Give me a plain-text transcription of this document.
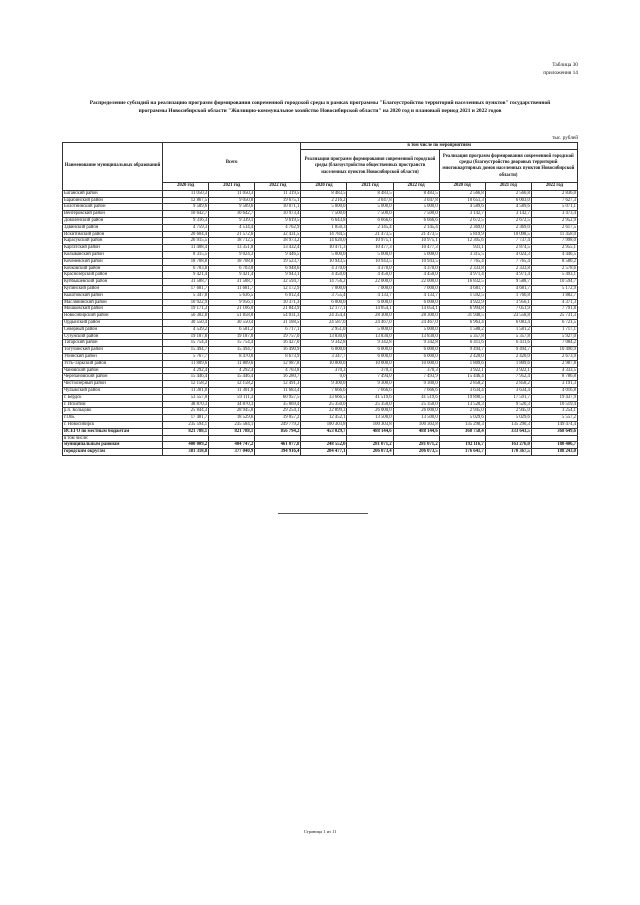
Таблица 30
приложения 14
Распределение субсидий на реализацию программ формирования современной городской среды в рамках программы "Благоустройство территорий населенных пунктов" государственной
программы Новосибирской области "Жилищно-коммунальное хозяйство Новосибирской области" на 2020 год и плановый период 2021 и 2022 годов
тыс. рублей
Наименование муниципальных образований	Всего			в том числе по мероприятиям					
				Реализация программ формирования современной городской среды (благоустройство общественных пространств населенных пунктов Новосибирской области)			Реализация программ формирования современной городской среды (благоустройство дворовых территорий многоквартирных домов населенных пунктов Новосибирской области)		
	2020 год	2021 год	2022 год	2020 год	2021 год	2022 год	2020 год	2021 год	2022 год
Баганский район	11 050,3	11 050,3	11 319,5	8 483,5	8 483,5	8 483,5	2 566,8	2 566,8	2 836,0
Барабинский район	12 867,5	9 050,8	19 675,1	2 216,2	3 047,8	3 047,8	10 651,3	6 003,0	7 627,3
Болотнинский район	9 589,6	9 589,6	10 071,1	5 000,0	5 000,0	5 000,0	4 589,6	4 589,6	5 071,1
Венгеровский район	10 642,7	10 642,7	10 973,4	7 500,0	7 500,0	7 500,0	3 142,7	3 142,7	3 473,4
Доволенский район	9 316,3	9 339,1	9 619,5	6 643,8	6 666,6	6 666,6	2 672,5	2 672,5	2 952,9
Здвинский район	4 759,3	4 514,4	4 762,9	1 850,3	2 145,4	2 145,4	2 369,0	2 369,0	2 617,5
Искитимский район	20 604,4	21 572,6	32 431,5	14 784,5	21 473,5	21 473,5	5 819,9	10 098,5	11 458,0
Карасукский район	26 915,5	18 712,5	18 973,2	14 620,0	10 975,1	10 975,1	12 305,6	7 737,4	7 998,0
Каргатский район	11 408,4	13 351,8	13 432,4	10 471,3	10 477,3	10 477,3	931,1	2 874,5	2 955,1
Колыванский район	8 315,5	9 024,3	9 446,5	5 000,0	5 000,0	5 000,0	3 315,5	4 024,3	4 446,5
Коченевский район	18 708,8	18 708,8	19 523,7	10 943,5	10 943,5	10 943,5	7 765,4	7 765,4	8 580,2
Кочковский район	6 703,8	6 703,8	6 948,6	4 370,0	4 370,0	4 370,0	2 333,8	2 333,8	2 578,6
Краснозерский район	9 421,4	9 421,4	9 943,1	4 450,0	4 450,0	4 450,0	4 971,4	4 971,4	5 493,1
Куйбышевский район	31 588,7	31 588,7	32 594,7	14 756,2	22 000,0	22 000,0	16 832,5	9 588,7	10 594,7
Купинский район	17 681,7	11 681,7	12 172,9	7 000,0	7 000,0	7 000,0	4 681,7	4 681,7	5 172,9
Кыштовский район	5 347,8	5 636,5	6 012,4	3 755,4	4 133,7	4 133,7	1 592,5	1 766,8	1 882,7
Маслянинский район	10 922,9	9 956,1	10 371,3	6 000,0	6 000,0	6 000,0	4 922,9	3 956,1	4 371,3
Мошковский район	19 171,3	21 106,0	21 843,9	12 177,1	14 054,1	14 054,1	6 994,8	7 051,9	7 791,8
Новосибирский район	56 302,8	51 858,8	54 031,3	24 354,4	28 300,0	28 300,0	31 948,5	23 558,8	25 731,3
Ордынский район	30 550,4	30 550,4	31 188,5	24 587,0	24 467,0	24 467,0	6 963,4	6 083,4	6 721,5
Северный район	4 539,2	6 581,2	6 717,1	2 951,0	5 000,0	5 000,0	1 588,2	1 581,2	1 717,1
Сузунский район	19 187,8	19 187,8	19 757,0	13 830,0	13 830,0	13 830,0	5 357,8	5 357,8	5 927,0
Татарский район	15 754,4	15 754,4	16 427,0	9 342,8	9 342,8	9 342,8	6 411,6	6 411,6	7 084,2
Тогучинский район	15 494,7	15 494,7	16 490,9	6 000,0	6 000,0	6 000,0	9 494,7	9 494,7	10 490,9
Убинский район	5 767,7	8 470,0	8 673,9	3 347,7	6 000,0	6 000,0	2 420,0	2 420,0	2 673,9
Усть-Таркский район	11 809,6	11 809,6	12 987,8	10 000,0	10 000,0	10 000,0	1 809,6	1 809,6	2 987,8
Чановский район	4 292,4	4 292,4	4 703,8	370,3	370,3	370,3	3 922,1	3 922,1	4 333,5
Черепановский район	15 446,4	15 446,4	16 280,7	0,0	7 494,0	7 493,9	15 446,4	7 952,4	8 786,8
Чистоозерный район	12 158,2	12 158,2	12 491,3	9 300,0	9 300,0	9 300,0	2 858,2	2 858,2	3 191,3
Чулымский район	11 301,0	11 301,0	11 683,4	7 666,6	7 666,6	7 666,6	3 634,4	3 634,4	4 016,8
г. Бердск	53 557,0	59 111,3	60 957,5	33 666,5	41 519,6	41 519,6	19 890,5	17 591,7	19 437,9
г. Искитим	38 870,3	34 870,3	35 869,4	25 350,0	25 350,0	25 350,0	13 520,3	9 520,3	10 519,4
р.п. Кольцово	25 844,3	28 945,0	29 254,1	22 899,3	26 000,0	26 000,0	2 945,0	2 945,0	3 254,1
г.Обь	17 481,7	18 529,6	19 057,2	12 452,1	13 500,0	13 500,0	5 029,6	5 029,6	5 557,2
г. Новосибирск	235 594,1	235 584,1	249 779,2	100 303,8	100 303,8	100 303,8	135 290,3	135 290,3	149 474,4
ВСЕГО по местным бюджетам	821 788,1	821 788,1	856 794,2	453 029,7	488 144,6	488 144,6	368 758,4	333 643,5	368 649,6
в том числе:									
муниципальным районам	400 009,2	404 747,2	461 077,8	248 552,0	281 071,2	281 071,2	192 116,7	163 276,0	180 406,7
городским округам	381 318,8	377 040,9	394 916,4	204 477,1	206 073,4	206 073,5	176 641,7	170 367,5	188 243,0
Страница 1 из 11
